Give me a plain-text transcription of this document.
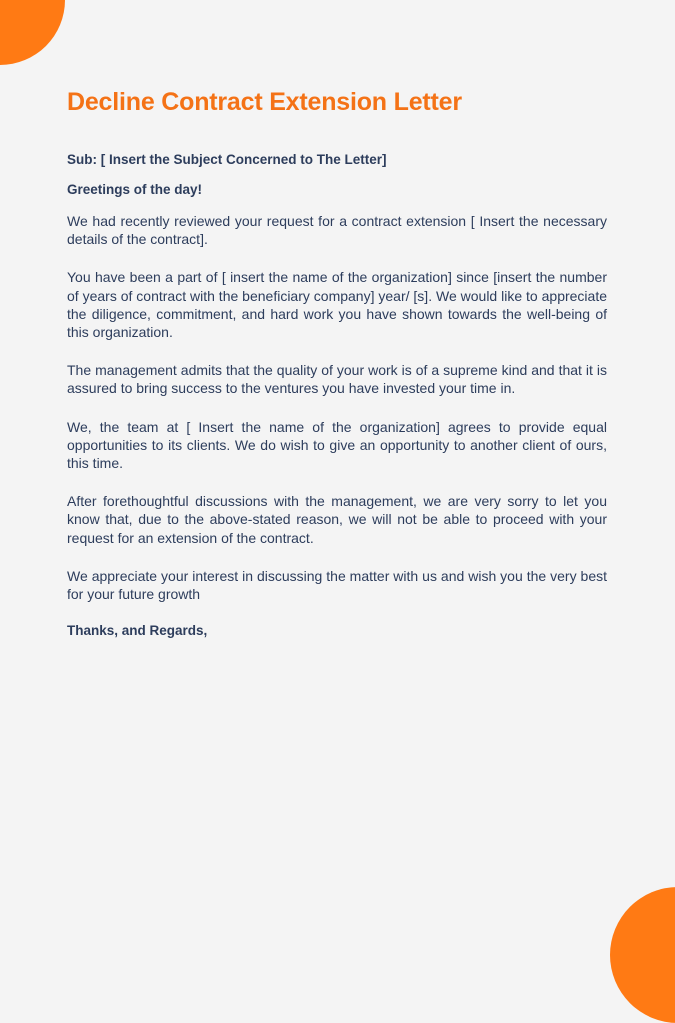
Decline Contract Extension Letter

Sub: [ Insert the Subject Concerned to The Letter]

Greetings of the day!

We had recently reviewed your request for a contract extension [ Insert the necessary details of the contract].

You have been a part of [ insert the name of the organization] since [insert the number of years of contract with the beneficiary company] year/ [s]. We would like to appreciate the diligence, commitment, and hard work you have shown towards the well-being of this organization.

The management admits that the quality of your work is of a supreme kind and that it is assured to bring success to the ventures you have invested your time in.

We, the team at [ Insert the name of the organization] agrees to provide equal opportunities to its clients. We do wish to give an opportunity to another client of ours, this time.

After forethoughtful discussions with the management, we are very sorry to let you know that, due to the above-stated reason, we will not be able to proceed with your request for an extension of the contract.

We appreciate your interest in discussing the matter with us and wish you the very best for your future growth

Thanks, and Regards,
